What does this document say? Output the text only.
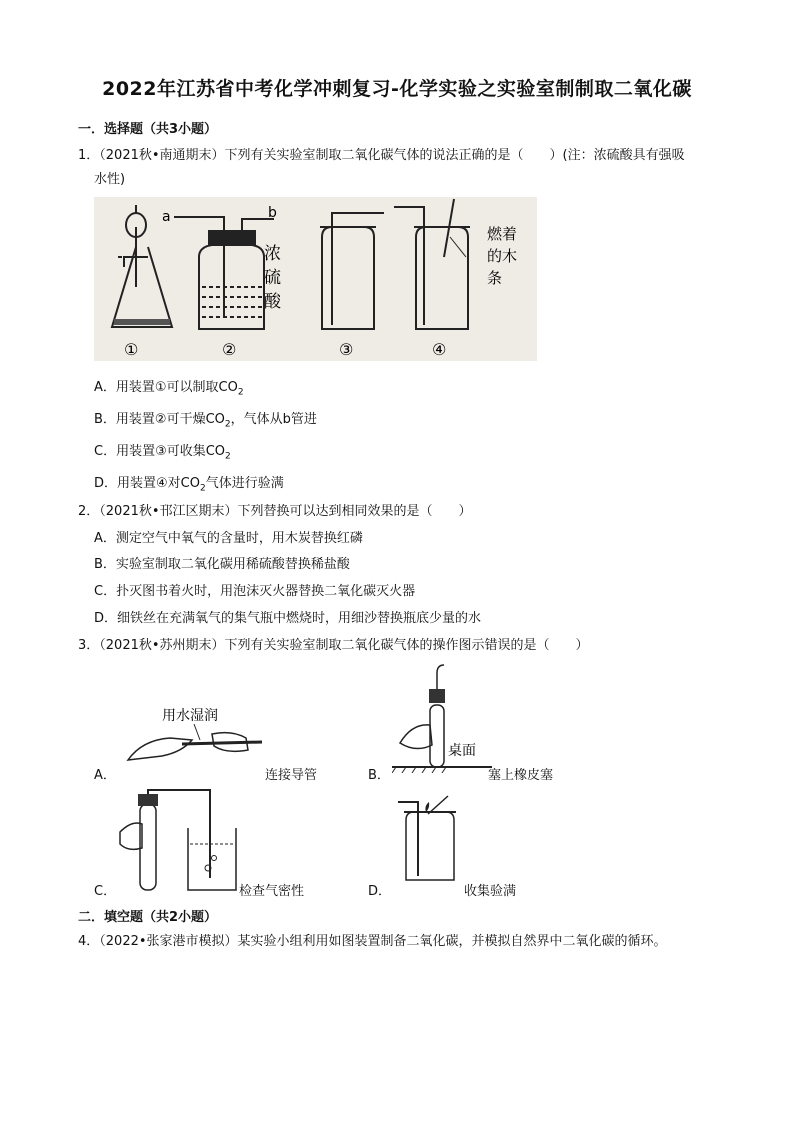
2022年江苏省中考化学冲刺复习-化学实验之实验室制制取二氧化碳
一．选择题（共3小题）
1．（2021秋•南通期末）下列有关实验室制取二氧化碳气体的说法正确的是（　　）(注：浓硫酸具有强吸
水性)
a	b
浓
硫
酸
燃着
的木
条
①	②	③	④
A．用装置①可以制取$CO_2$
B．用装置②可干燥$CO_2$，气体从b管进
C．用装置③可收集$CO_2$
D．用装置④对$CO_2$气体进行验满
2．（2021秋•邗江区期末）下列替换可以达到相同效果的是（　　）
A．测定空气中氧气的含量时，用木炭替换红磷
B．实验室制取二氧化碳用稀硫酸替换稀盐酸
C．扑灭图书着火时，用泡沫灭火器替换二氧化碳灭火器
D．细铁丝在充满氧气的集气瓶中燃烧时，用细沙替换瓶底少量的水
3．（2021秋•苏州期末）下列有关实验室制取二氧化碳气体的操作图示错误的是（　　）
用水湿润
A．	连接导管
桌面
B．	塞上橡皮塞
C．	检查气密性	D．	收集验满
二．填空题（共2小题）
4．（2022•张家港市模拟）某实验小组利用如图装置制备二氧化碳，并模拟自然界中二氧化碳的循环。
